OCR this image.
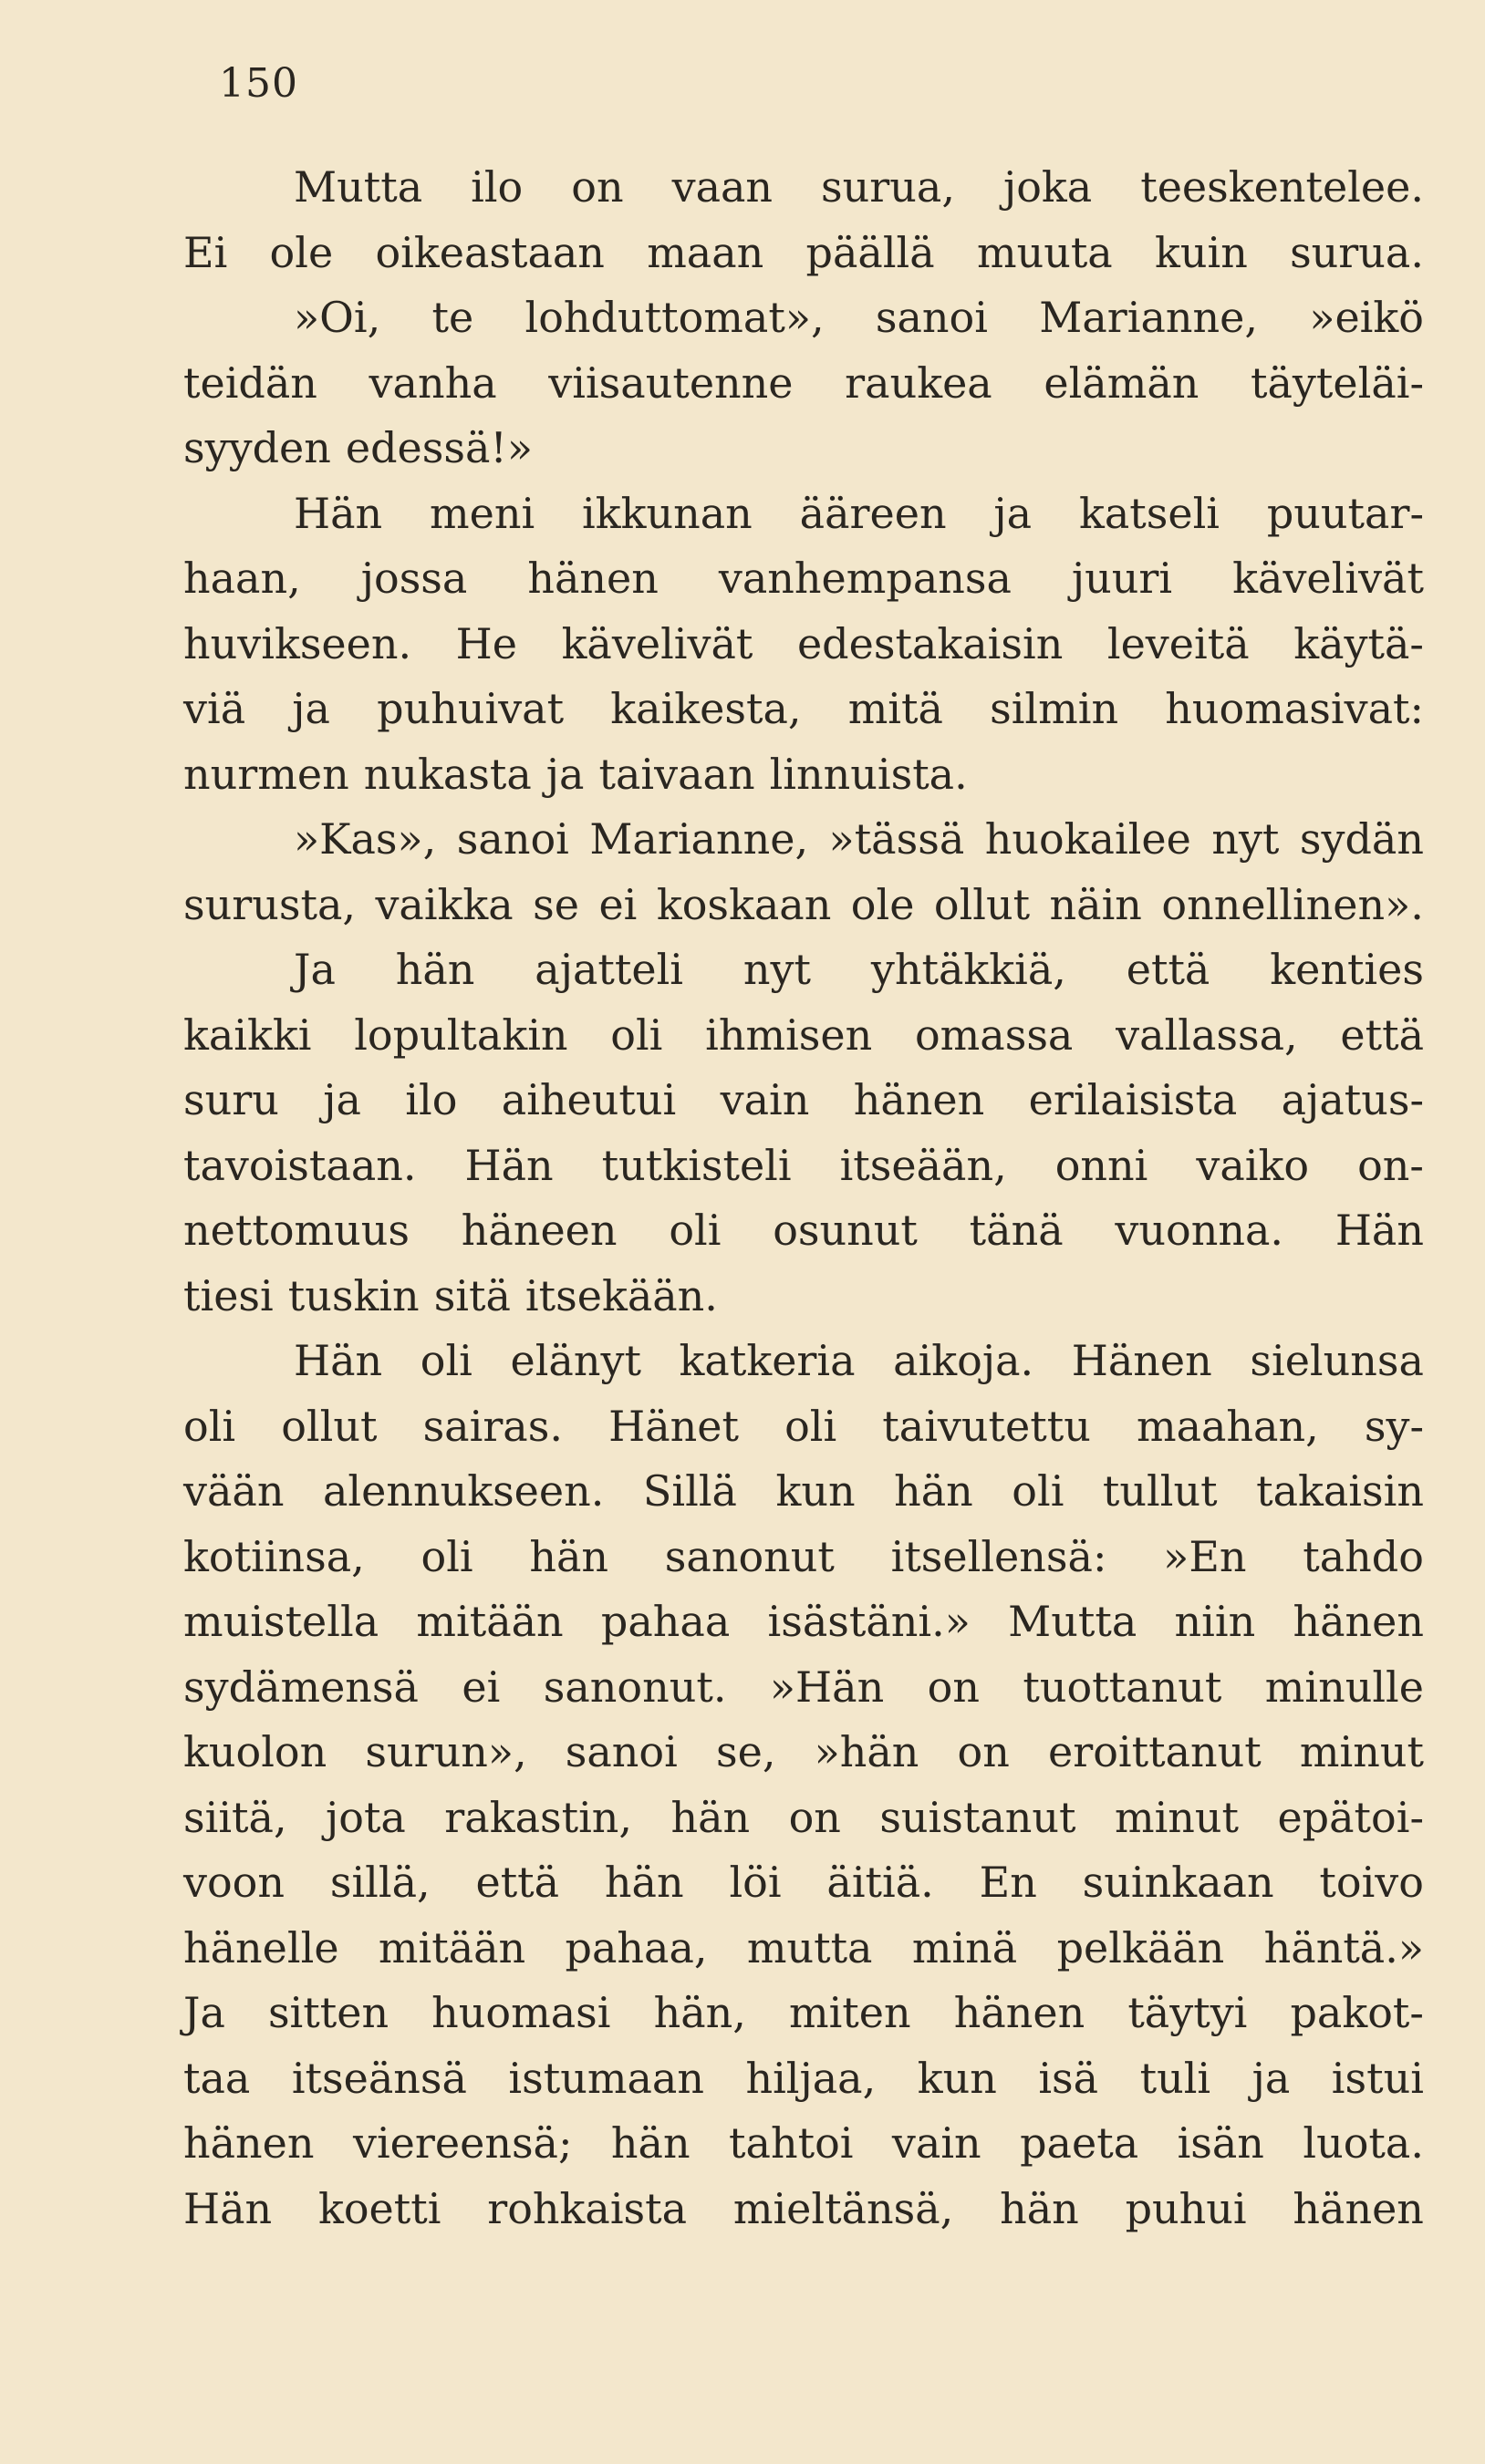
150

Mutta ilo on vaan surua, joka teeskentelee.

Ei ole oikeastaan maan päällä muuta kuin surua.

»Oi, te lohduttomat», sanoi Marianne, »eikö

teidän vanha viisautenne raukea elämän täyteläi-

syyden edessä!»

Hän meni ikkunan ääreen ja katseli puutar-

haan, jossa hänen vanhempansa juuri kävelivät

huvikseen. He kävelivät edestakaisin leveitä käytä-

viä ja puhuivat kaikesta, mitä silmin huomasivat:

nurmen nukasta ja taivaan linnuista.

»Kas», sanoi Marianne, »tässä huokailee nyt sydän

surusta, vaikka se ei koskaan ole ollut näin onnellinen».

Ja hän ajatteli nyt yhtäkkiä, että kenties

kaikki lopultakin oli ihmisen omassa vallassa, että

suru ja ilo aiheutui vain hänen erilaisista ajatus-

tavoistaan. Hän tutkisteli itseään, onni vaiko on-

nettomuus häneen oli osunut tänä vuonna. Hän

tiesi tuskin sitä itsekään.

Hän oli elänyt katkeria aikoja. Hänen sielunsa

oli ollut sairas. Hänet oli taivutettu maahan, sy-

vään alennukseen. Sillä kun hän oli tullut takaisin

kotiinsa, oli hän sanonut itsellensä: »En tahdo

muistella mitään pahaa isästäni.» Mutta niin hänen

sydämensä ei sanonut. »Hän on tuottanut minulle

kuolon surun», sanoi se, »hän on eroittanut minut

siitä, jota rakastin, hän on suistanut minut epätoi-

voon sillä, että hän löi äitiä. En suinkaan toivo

hänelle mitään pahaa, mutta minä pelkään häntä.»

Ja sitten huomasi hän, miten hänen täytyi pakot-

taa itseänsä istumaan hiljaa, kun isä tuli ja istui

hänen viereensä; hän tahtoi vain paeta isän luota.

Hän koetti rohkaista mieltänsä, hän puhui hänen
